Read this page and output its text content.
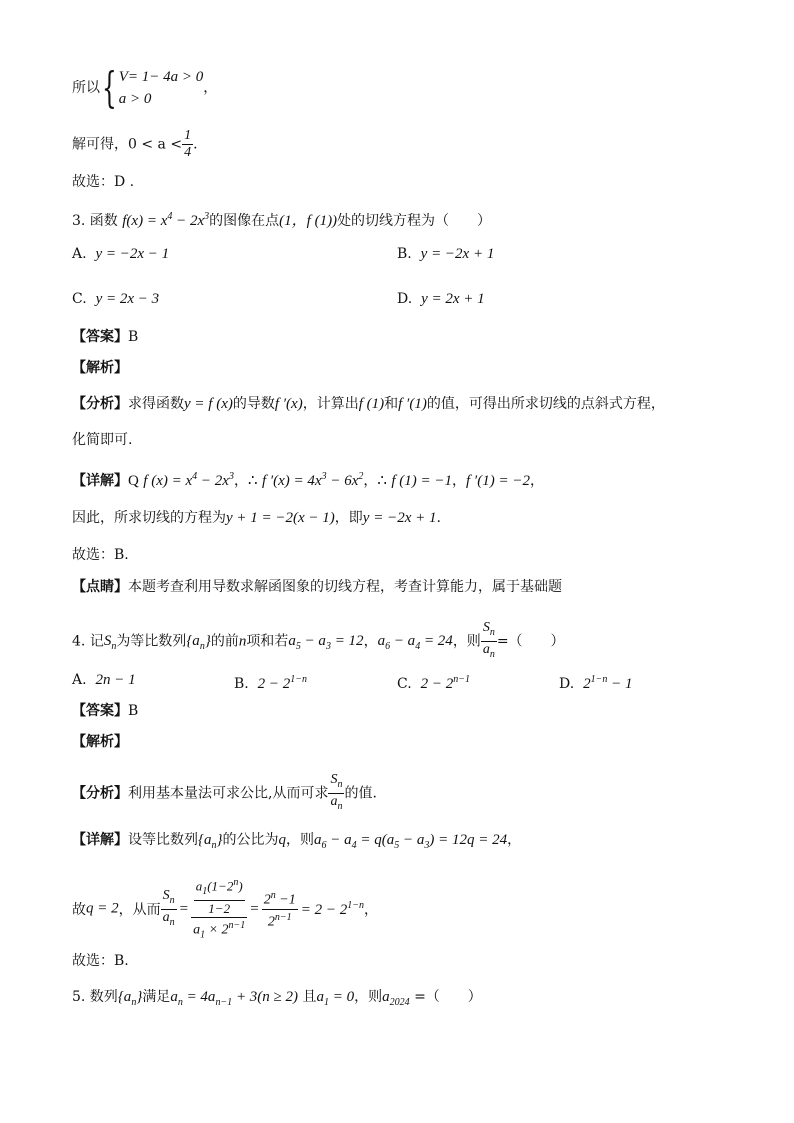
所以{ V= 1− 4a > 0
a > 0
，
解可得，$0 < a < \frac{1}{4}$ .
故选：D .
3. 函数 $f(x) = x^4 - 2x^3$的图像在点(1，f (1))处的切线方程为（　　）
A. y = −2x − 1	B. y = −2x + 1
C. y = 2x − 3	D. y = 2x + 1
【答案】B
【解析】
【分析】求得函数y = f (x)的导数f ′(x)，计算出f (1)和f ′(1)的值，可得出所求切线的点斜式方程，
化简即可.
【详解】Q f $(x) = x^4 - 2x^3$，∴ f $'(x) = 4x^3 - 6x^2$，∴ f (1) = −1，f ′(1) = −2，
因此，所求切线的方程为y + 1 = −2(x − 1)，即y = −2x + 1.
故选：B.
【点睛】本题考查利用导数求解函图象的切线方程，考查计算能力，属于基础题
4. 记$S_n$为等比数列$\{a_n\}$的前n项和若$a_5 - a_3 = 12$，$a_6 - a_4 = 24$，则 $\frac{S_n}{a_n}$ =（　　）
A. 2n − 1	B. $2 - 2^{1-n}$	C. $2 - 2^{n-1}$	D. $2^{1-n} - 1$
【答案】B
【解析】
【分析】利用基本量法可求公比,从而可求 $\frac{S_n}{a_n}$ 的值.
【详解】设等比数列$\{a_n\}$的公比为q，则$a_6 - a_4 = q(a_5 - a_3) = 12q = 24$，
故q = 2，从而 $\frac{S_n}{a_n} = \frac{\frac{a_1(1-2^n)}{1-2}}{a_1 \times 2^{n-1}} = \frac{2^n -1}{2^{n-1}} = 2 - 2^{1-n}$，
故选：B.
5. 数列$\{a_n\}$满足$a_n = 4a_{n-1} + 3(n \ge 2)$ 且$a_1 = 0$，则$a_{2024}$ =（　　）
